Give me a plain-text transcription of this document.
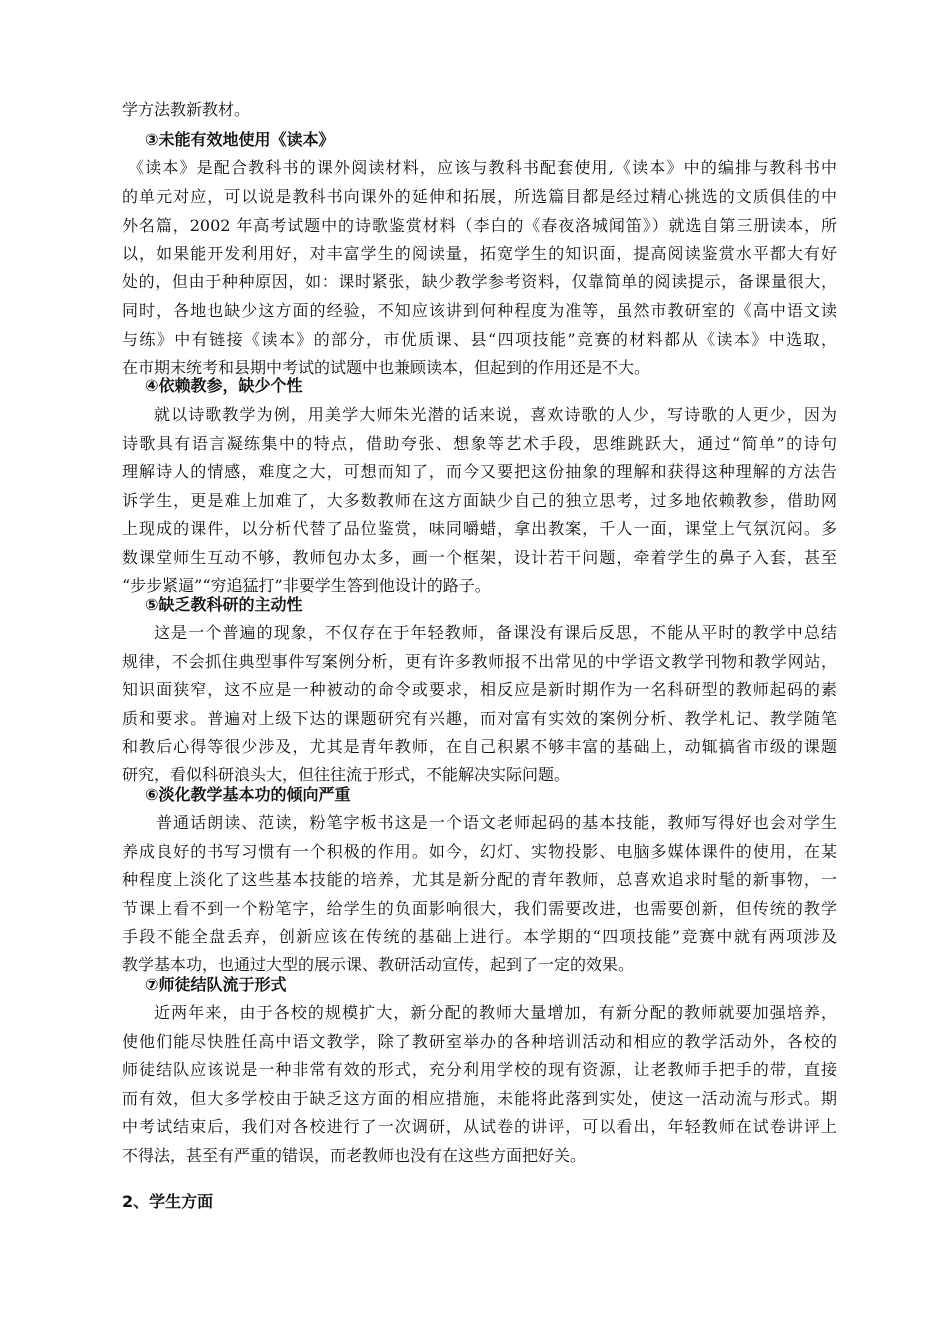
学方法教新教材。
③未能有效地使用《读本》
《读本》是配合教科书的课外阅读材料，应该与教科书配套使用,《读本》中的编排与教科书中
的单元对应，可以说是教科书向课外的延伸和拓展，所选篇目都是经过精心挑选的文质俱佳的中
外名篇，2002 年高考试题中的诗歌鉴赏材料（李白的《春夜洛城闻笛》）就选自第三册读本，所
以，如果能开发利用好，对丰富学生的阅读量，拓宽学生的知识面，提高阅读鉴赏水平都大有好
处的，但由于种种原因，如：课时紧张，缺少教学参考资料，仅靠简单的阅读提示，备课量很大，
同时，各地也缺少这方面的经验，不知应该讲到何种程度为准等，虽然市教研室的《高中语文读
与练》中有链接《读本》的部分，市优质课、县“四项技能”竞赛的材料都从《读本》中选取，
在市期末统考和县期中考试的试题中也兼顾读本，但起到的作用还是不大。
④依赖教参，缺少个性
就以诗歌教学为例，用美学大师朱光潜的话来说，喜欢诗歌的人少，写诗歌的人更少，因为
诗歌具有语言凝练集中的特点，借助夸张、想象等艺术手段，思维跳跃大，通过“简单”的诗句
理解诗人的情感，难度之大，可想而知了，而今又要把这份抽象的理解和获得这种理解的方法告
诉学生，更是难上加难了，大多数教师在这方面缺少自己的独立思考，过多地依赖教参，借助网
上现成的课件，以分析代替了品位鉴赏，味同嚼蜡，拿出教案，千人一面，课堂上气氛沉闷。多
数课堂师生互动不够，教师包办太多，画一个框架，设计若干问题，牵着学生的鼻子入套，甚至
“步步紧逼”“穷追猛打”非要学生答到他设计的路子。
⑤缺乏教科研的主动性
这是一个普遍的现象，不仅存在于年轻教师，备课没有课后反思，不能从平时的教学中总结
规律，不会抓住典型事件写案例分析，更有许多教师报不出常见的中学语文教学刊物和教学网站，
知识面狭窄，这不应是一种被动的命令或要求，相反应是新时期作为一名科研型的教师起码的素
质和要求。普遍对上级下达的课题研究有兴趣，而对富有实效的案例分析、教学札记、教学随笔
和教后心得等很少涉及，尤其是青年教师，在自己积累不够丰富的基础上，动辄搞省市级的课题
研究，看似科研浪头大，但往往流于形式，不能解决实际问题。
⑥淡化教学基本功的倾向严重
普通话朗读、范读，粉笔字板书这是一个语文老师起码的基本技能，教师写得好也会对学生
养成良好的书写习惯有一个积极的作用。如今，幻灯、实物投影、电脑多媒体课件的使用，在某
种程度上淡化了这些基本技能的培养，尤其是新分配的青年教师，总喜欢追求时髦的新事物，一
节课上看不到一个粉笔字，给学生的负面影响很大，我们需要改进，也需要创新，但传统的教学
手段不能全盘丢弃，创新应该在传统的基础上进行。本学期的“四项技能”竞赛中就有两项涉及
教学基本功，也通过大型的展示课、教研活动宣传，起到了一定的效果。
⑦师徒结队流于形式
近两年来，由于各校的规模扩大，新分配的教师大量增加，有新分配的教师就要加强培养，
使他们能尽快胜任高中语文教学，除了教研室举办的各种培训活动和相应的教学活动外，各校的
师徒结队应该说是一种非常有效的形式，充分利用学校的现有资源，让老教师手把手的带，直接
而有效，但大多学校由于缺乏这方面的相应措施，未能将此落到实处，使这一活动流与形式。期
中考试结束后，我们对各校进行了一次调研，从试卷的讲评，可以看出，年轻教师在试卷讲评上
不得法，甚至有严重的错误，而老教师也没有在这些方面把好关。
2、学生方面
